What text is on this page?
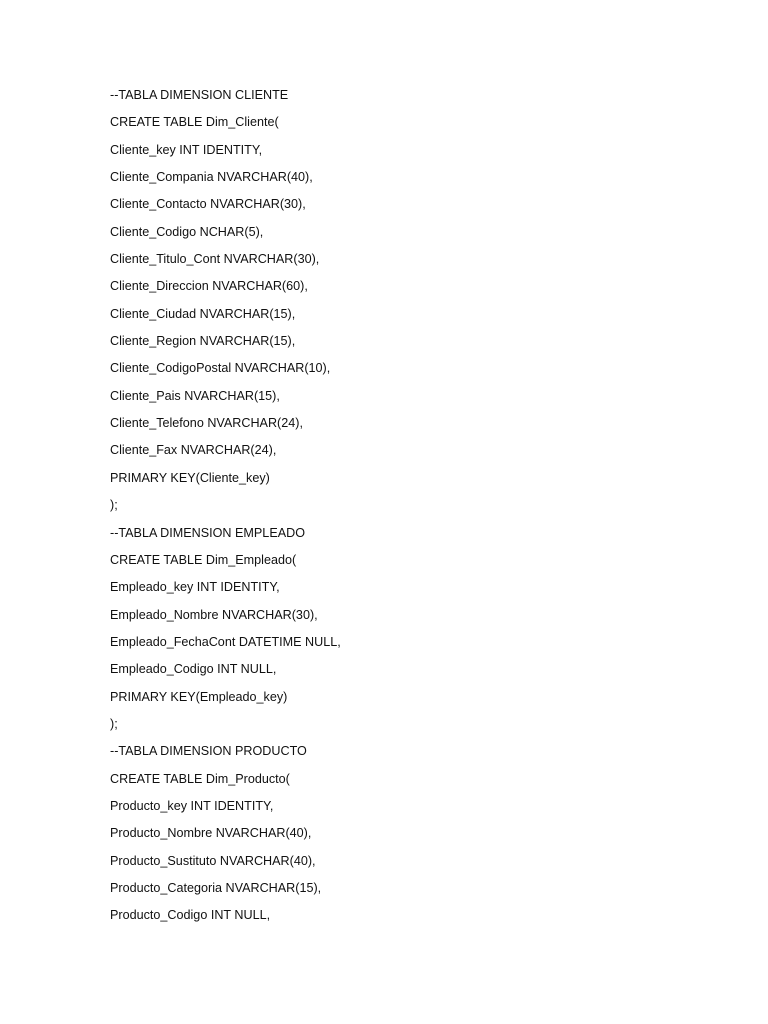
--TABLA DIMENSION CLIENTE
CREATE TABLE Dim_Cliente(
Cliente_key INT IDENTITY,
Cliente_Compania NVARCHAR(40),
Cliente_Contacto NVARCHAR(30),
Cliente_Codigo NCHAR(5),
Cliente_Titulo_Cont NVARCHAR(30),
Cliente_Direccion NVARCHAR(60),
Cliente_Ciudad NVARCHAR(15),
Cliente_Region NVARCHAR(15),
Cliente_CodigoPostal NVARCHAR(10),
Cliente_Pais NVARCHAR(15),
Cliente_Telefono NVARCHAR(24),
Cliente_Fax NVARCHAR(24),
PRIMARY KEY(Cliente_key)
);
--TABLA DIMENSION EMPLEADO
CREATE TABLE Dim_Empleado(
Empleado_key INT IDENTITY,
Empleado_Nombre NVARCHAR(30),
Empleado_FechaCont DATETIME NULL,
Empleado_Codigo INT NULL,
PRIMARY KEY(Empleado_key)
);
--TABLA DIMENSION PRODUCTO
CREATE TABLE Dim_Producto(
Producto_key INT IDENTITY,
Producto_Nombre NVARCHAR(40),
Producto_Sustituto NVARCHAR(40),
Producto_Categoria NVARCHAR(15),
Producto_Codigo INT NULL,
